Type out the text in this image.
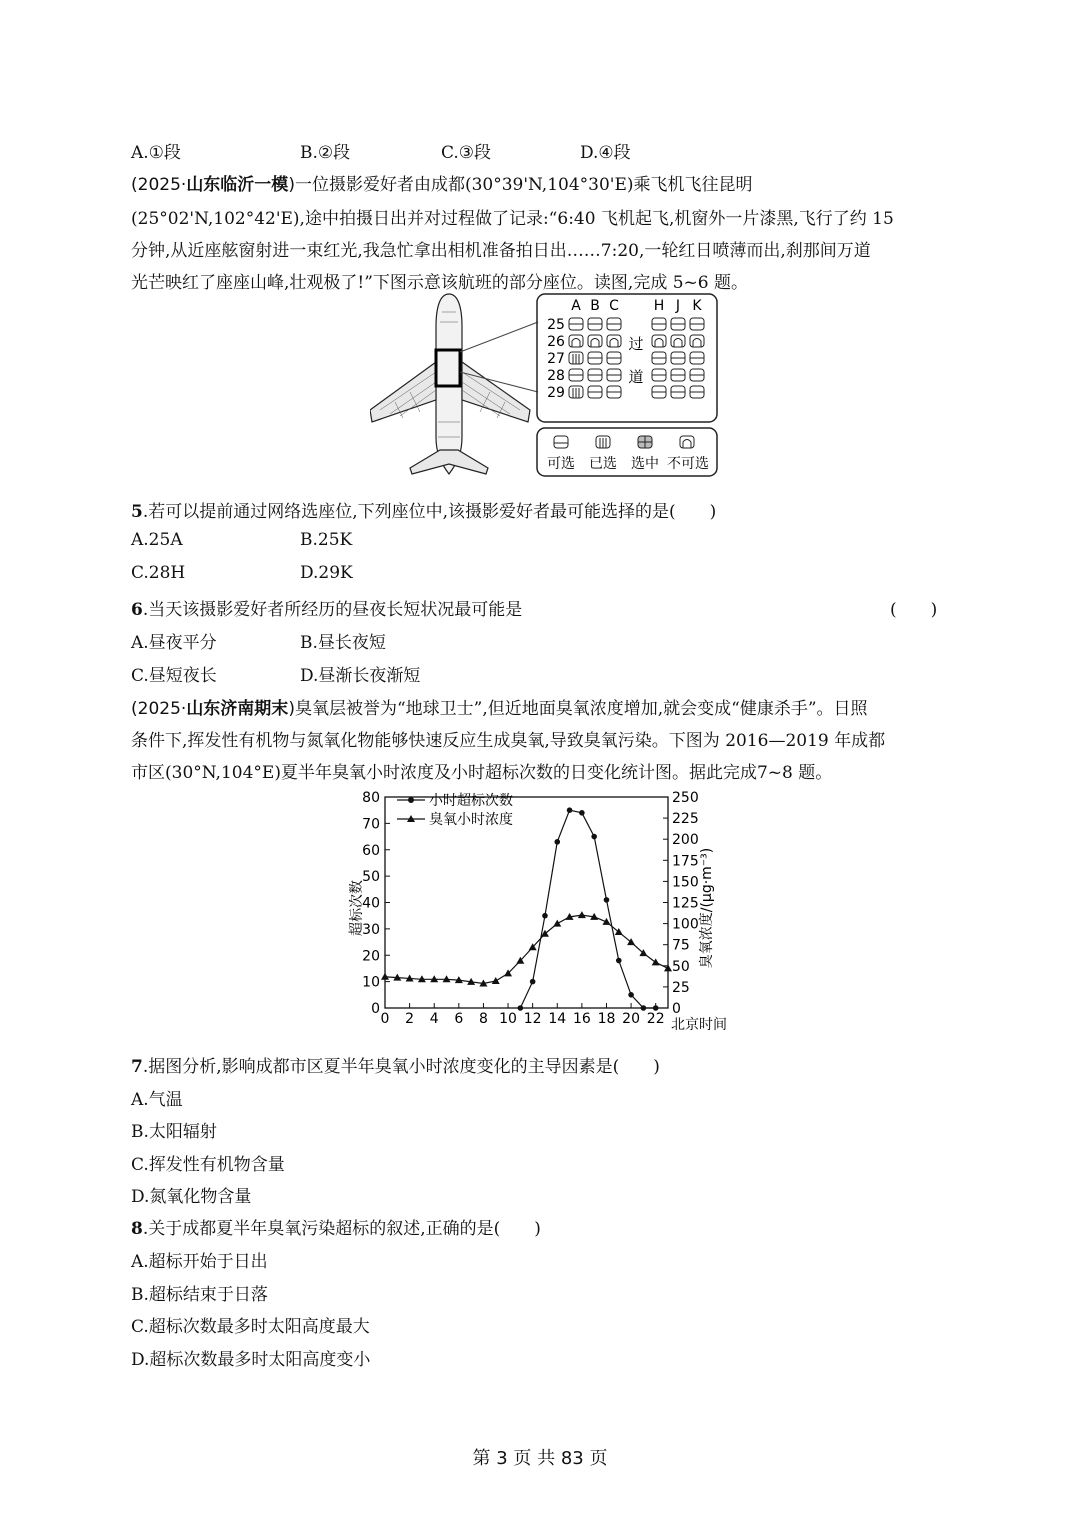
A.①段	B.②段	C.③段	D.④段
(2025·山东临沂一模)一位摄影爱好者由成都(30°39'N,104°30'E)乘飞机飞往昆明
(25°02'N,102°42'E),途中拍摄日出并对过程做了记录:“6:40 飞机起飞,机窗外一片漆黑,飞行了约 15
分钟,从近座舷窗射进一束红光,我急忙拿出相机准备拍日出……7:20,一轮红日喷薄而出,刹那间万道
光芒映红了座座山峰,壮观极了!”下图示意该航班的部分座位。读图,完成 5~6 题。
A B C H J K
25
26
27
28
29
过
道
可选 已选 选中 不可选
5.若可以提前通过网络选座位,下列座位中,该摄影爱好者最可能选择的是(　　)
A.25A	B.25K
C.28H	D.29K
6.当天该摄影爱好者所经历的昼夜长短状况最可能是	(　　)
A.昼夜平分	B.昼长夜短
C.昼短夜长	D.昼渐长夜渐短
(2025·山东济南期末)臭氧层被誉为“地球卫士”,但近地面臭氧浓度增加,就会变成“健康杀手”。日照
条件下,挥发性有机物与氮氧化物能够快速反应生成臭氧,导致臭氧污染。下图为 2016—2019 年成都
市区(30°N,104°E)夏半年臭氧小时浓度及小时超标次数的日变化统计图。据此完成7~8 题。
0 2 4 6 8 10 12 14 16 18 20 22
0
10
20
30
40
50
60
70
80
0
25
50
75
100
125
150
175
200
225
250
小时超标次数
臭氧小时浓度
超标次数	臭氧浓度/(μg·m⁻³)
北京时间
7.据图分析,影响成都市区夏半年臭氧小时浓度变化的主导因素是(　　)
A.气温
B.太阳辐射
C.挥发性有机物含量
D.氮氧化物含量
8.关于成都夏半年臭氧污染超标的叙述,正确的是(　　)
A.超标开始于日出
B.超标结束于日落
C.超标次数最多时太阳高度最大
D.超标次数最多时太阳高度变小
第 3 页 共 83 页
